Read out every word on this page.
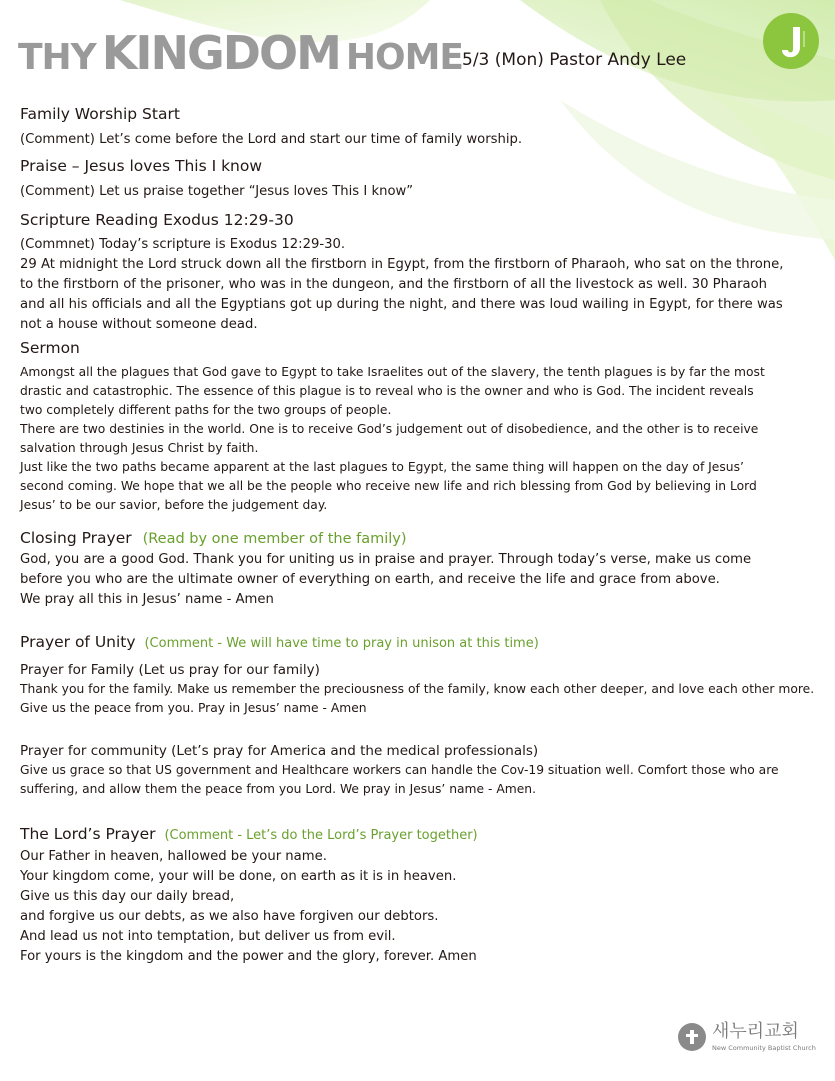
THY KINGDOM HOME
5/3 (Mon) Pastor Andy Lee

Family Worship Start

(Comment) Let’s come before the Lord and start our time of family worship.

Praise – Jesus loves This I know

(Comment) Let us praise together “Jesus loves This I know”

Scripture Reading Exodus 12:29-30

(Commnet) Today’s scripture is Exodus 12:29-30.

29 At midnight the Lord struck down all the firstborn in Egypt, from the firstborn of Pharaoh, who sat on the throne,

to the firstborn of the prisoner, who was in the dungeon, and the firstborn of all the livestock as well. 30 Pharaoh

and all his officials and all the Egyptians got up during the night, and there was loud wailing in Egypt, for there was

not a house without someone dead.

Sermon

Amongst all the plagues that God gave to Egypt to take Israelites out of the slavery, the tenth plagues is by far the most

drastic and catastrophic. The essence of this plague is to reveal who is the owner and who is God. The incident reveals

two completely different paths for the two groups of people.

There are two destinies in the world. One is to receive God’s judgement out of disobedience, and the other is to receive

salvation through Jesus Christ by faith.

Just like the two paths became apparent at the last plagues to Egypt, the same thing will happen on the day of Jesus’

second coming. We hope that we all be the people who receive new life and rich blessing from God by believing in Lord

Jesus’ to be our savior, before the judgement day.

Closing Prayer (Read by one member of the family)

God, you are a good God. Thank you for uniting us in praise and prayer. Through today’s verse, make us come

before you who are the ultimate owner of everything on earth, and receive the life and grace from above.

We pray all this in Jesus’ name - Amen

Prayer of Unity (Comment - We will have time to pray in unison at this time)

Prayer for Family (Let us pray for our family)

Thank you for the family. Make us remember the preciousness of the family, know each other deeper, and love each other more.

Give us the peace from you. Pray in Jesus’ name - Amen

Prayer for community (Let’s pray for America and the medical professionals)

Give us grace so that US government and Healthcare workers can handle the Cov-19 situation well. Comfort those who are

suffering, and allow them the peace from you Lord. We pray in Jesus’ name - Amen.

The Lord’s Prayer (Comment - Let’s do the Lord’s Prayer together)

Our Father in heaven, hallowed be your name.

Your kingdom come, your will be done, on earth as it is in heaven.

Give us this day our daily bread,

and forgive us our debts, as we also have forgiven our debtors.

And lead us not into temptation, but deliver us from evil.

For yours is the kingdom and the power and the glory, forever. Amen

새누리교회
New Community Baptist Church
